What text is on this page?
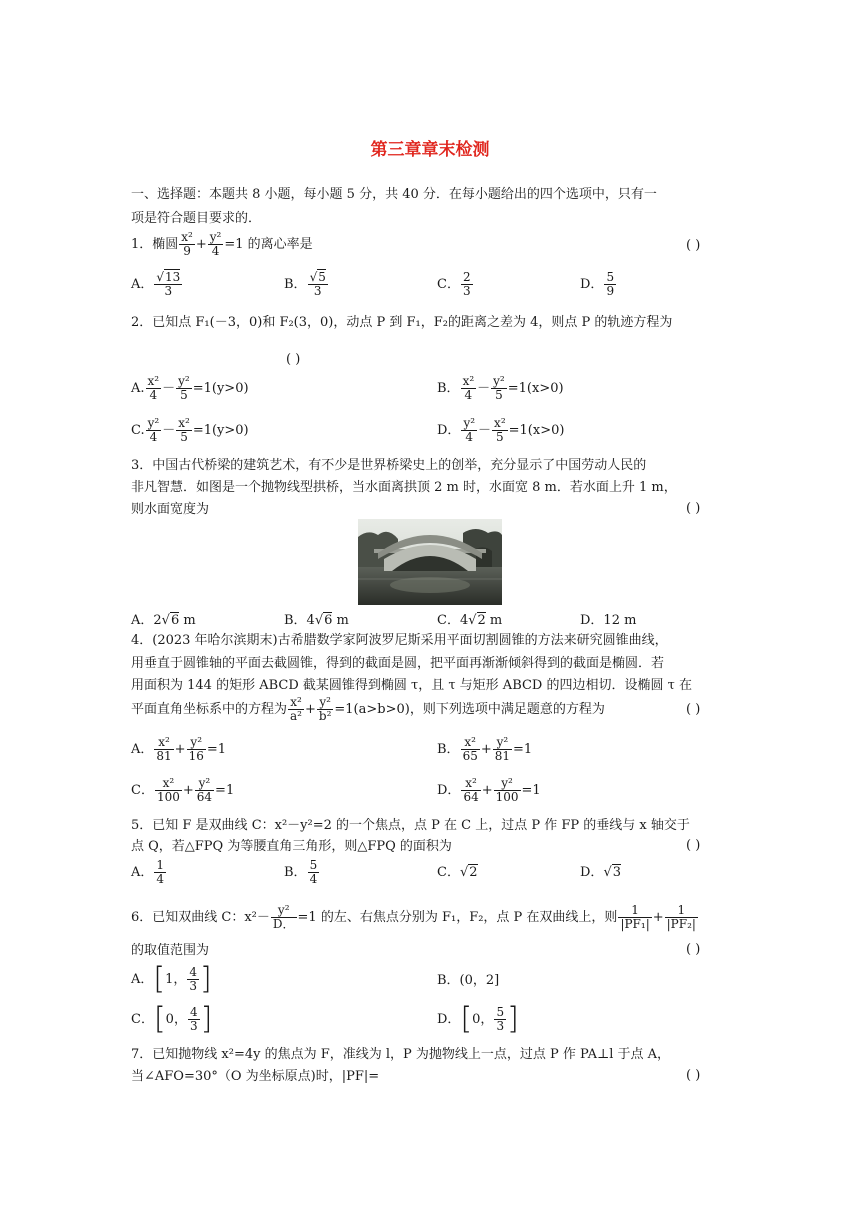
第三章章末检测
一、选择题：本题共 8 小题，每小题 5 分，共 40 分．在每小题给出的四个选项中，只有一
项是符合题目要求的．
1．椭圆 $\frac{\text{x²}}{9} + \frac{\text{y²}}{4} =1$ 的离心率是	( )
A． $\frac{√13}{3}$	B． $\frac{√5}{3}$	C． $\frac{2}{3}$	D． $\frac{5}{9}$
2．已知点 F₁(－3，0)和 F₂(3，0)，动点 P 到 F₁，F₂的距离之差为 4，则点 P 的轨迹方程为
( )
A. $\frac{\text{x²}}{4} - \frac{\text{y²}}{5} =1(y>0)$	B． $\frac{\text{x²}}{4} - \frac{\text{y²}}{5} =1(x>0)$
C. $\frac{\text{y²}}{4} - \frac{\text{x²}}{5} =1(y>0)$	D． $\frac{\text{y²}}{4} - \frac{\text{x²}}{5} =1(x>0)$
3．中国古代桥梁的建筑艺术，有不少是世界桥梁史上的创举，充分显示了中国劳动人民的
非凡智慧．如图是一个抛物线型拱桥，当水面离拱顶 2 m 时，水面宽 8 m．若水面上升 1 m，
则水面宽度为	( )
A．2√6 m	B．4√6 m	C．4√2 m	D．12 m
4．(2023 年哈尔滨期末)古希腊数学家阿波罗尼斯采用平面切割圆锥的方法来研究圆锥曲线，
用垂直于圆锥轴的平面去截圆锥，得到的截面是圆，把平面再渐渐倾斜得到的截面是椭圆．若
用面积为 144 的矩形 ABCD 截某圆锥得到椭圆 τ，且 τ 与矩形 ABCD 的四边相切．设椭圆 τ 在
平面直角坐标系中的方程为 $\frac{\text{x²}}{\text{a²}} + \frac{\text{y²}}{\text{b²}} =1(a>b>0)$，则下列选项中满足题意的方程为	( )
A． $\frac{\text{x²}}{81} + \frac{\text{y²}}{16} =1$	B． $\frac{\text{x²}}{65} + \frac{\text{y²}}{81} =1$
C． $\frac{\text{x²}}{100} + \frac{\text{y²}}{64} =1$	D． $\frac{\text{x²}}{64} + \frac{\text{y²}}{100} =1$
5．已知 F 是双曲线 C：x²－y²=2 的一个焦点，点 P 在 C 上，过点 P 作 FP 的垂线与 x 轴交于
点 Q，若△FPQ 为等腰直角三角形，则△FPQ 的面积为	( )
A． $\frac{1}{4}$	B． $\frac{5}{4}$	C．√2	D．√3
6．已知双曲线 C：$x^2- \frac{\text{y²}}{D.} =1$ 的左、右焦点分别为 F₁，F₂，点 P 在双曲线上，则 $\frac{1}{\text{|PF₁|}} + \frac{1}{\text{|PF₂|}}$
的取值范围为	( )
A．[1， $\frac{4}{3}$ ]	B．(0，2]
C．[0， $\frac{4}{3}$ ]	D．[0， $\frac{5}{3}$ ]
7．已知抛物线 x²=4y 的焦点为 F，准线为 l，P 为抛物线上一点，过点 P 作 PA⊥l 于点 A，
当∠AFO=30°（O 为坐标原点)时，|PF|=	( )
